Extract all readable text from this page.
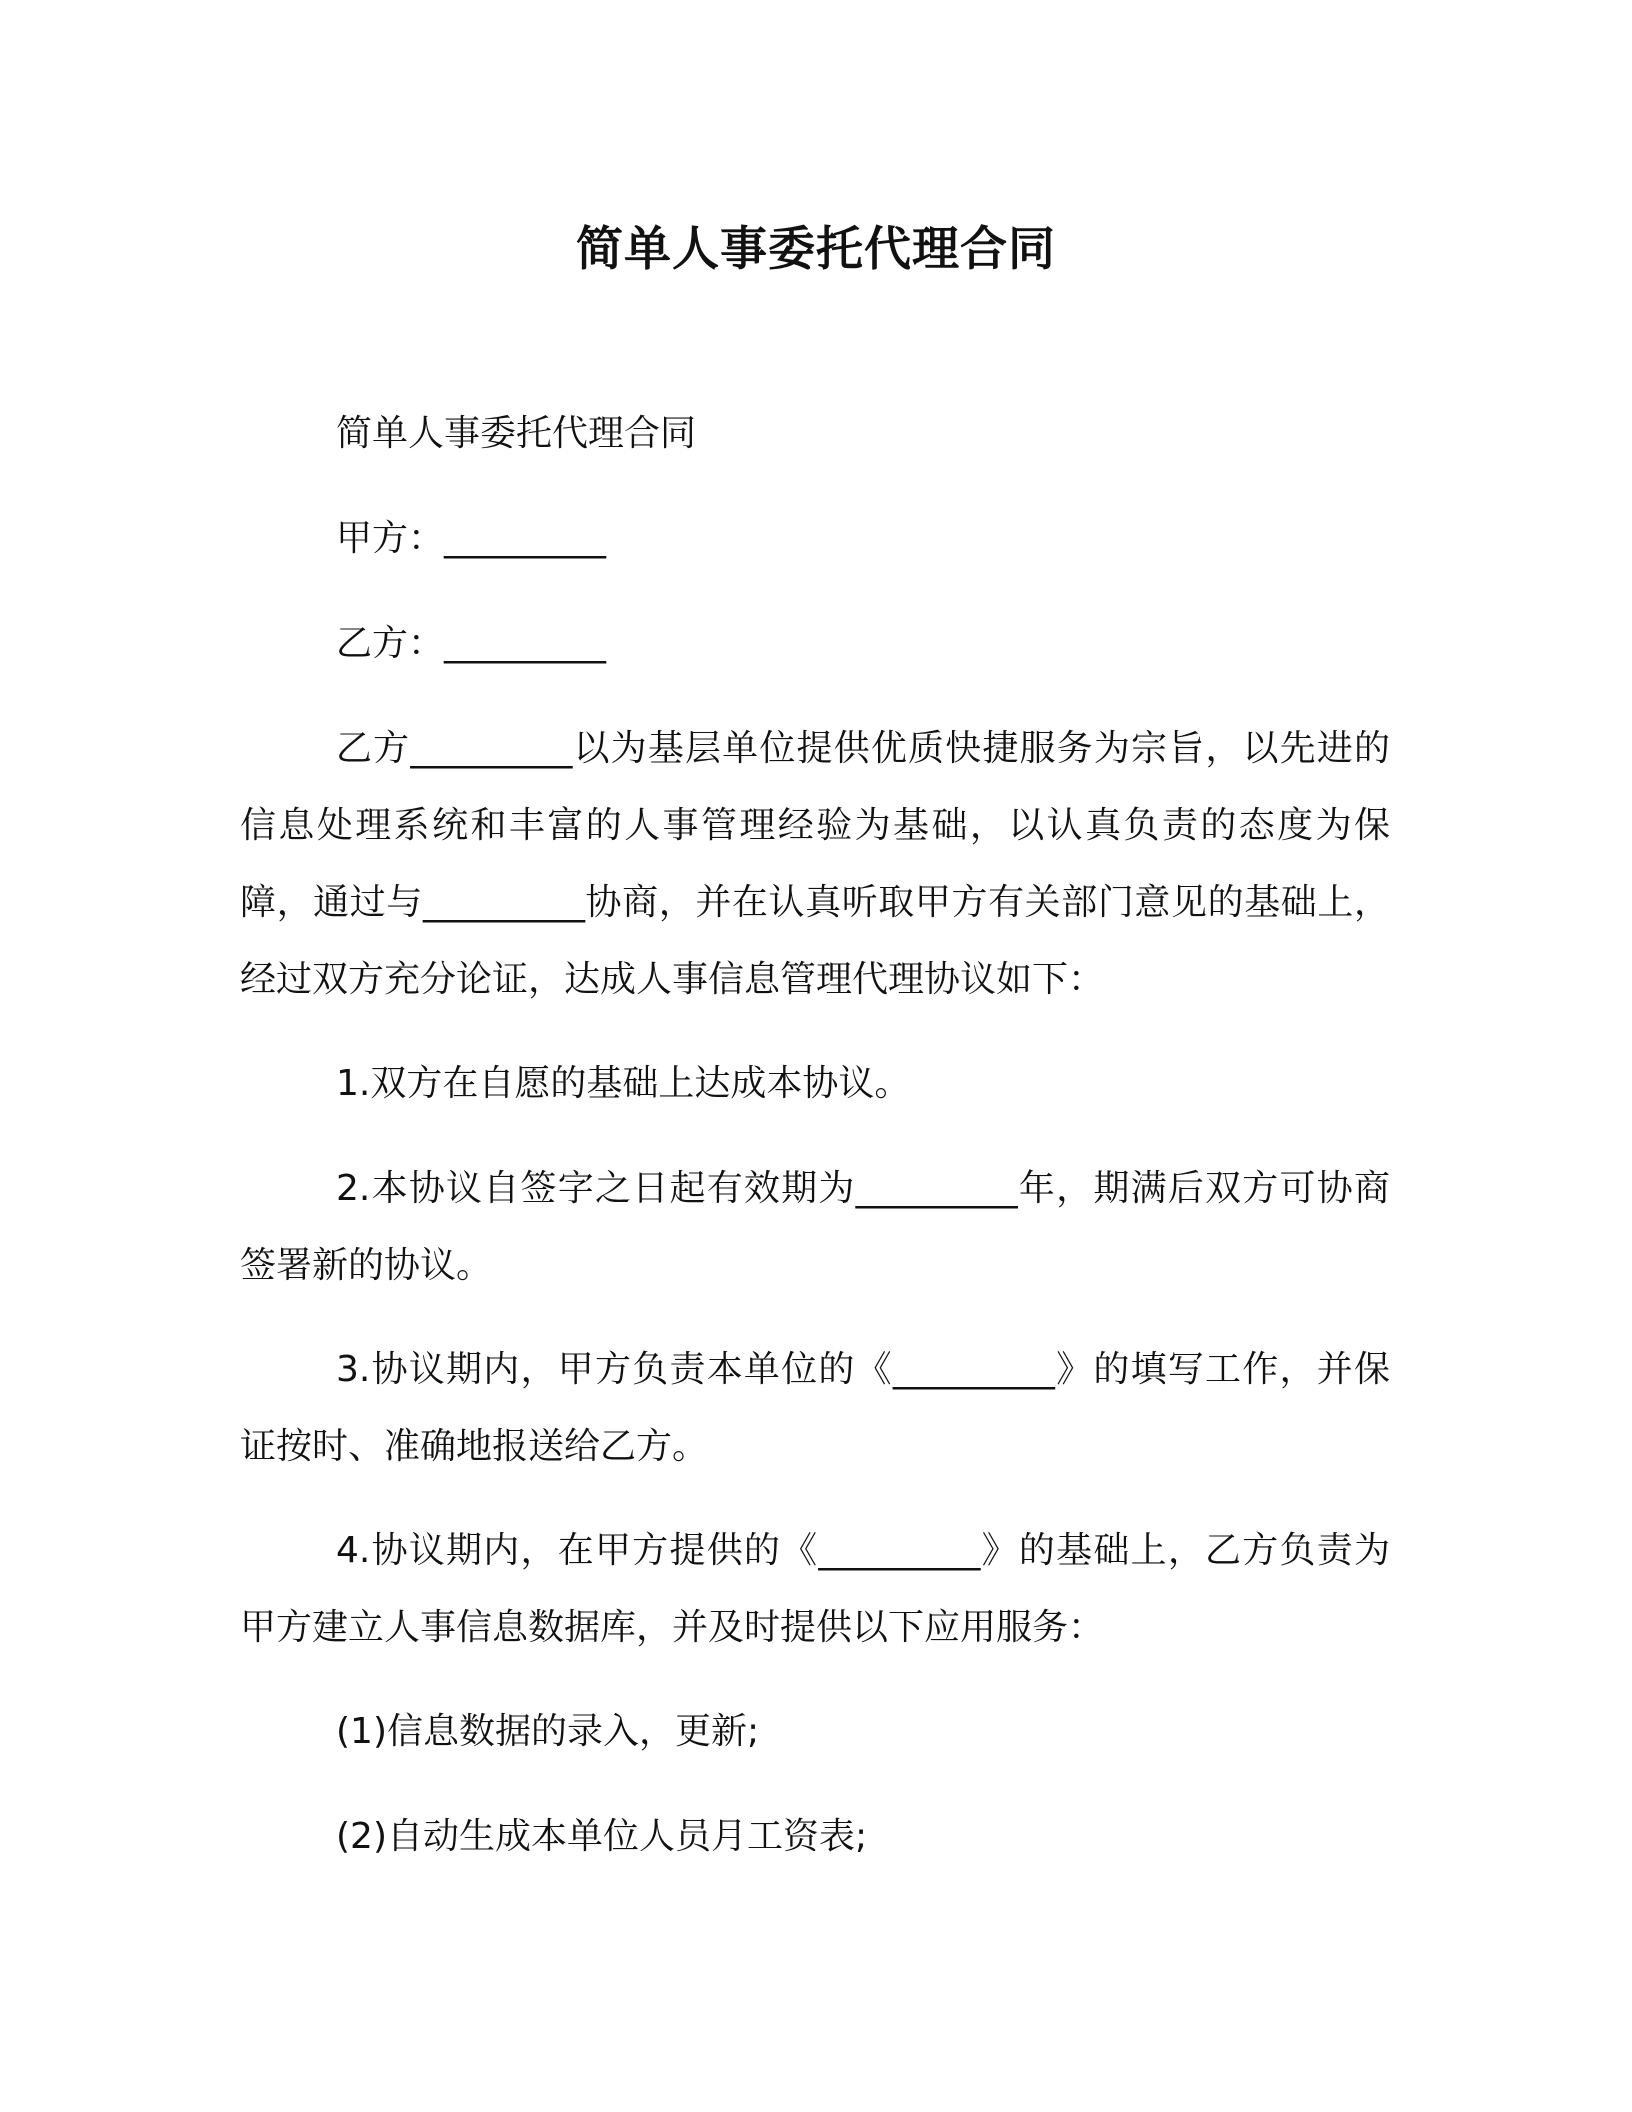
简单人事委托代理合同

简单人事委托代理合同

甲方：_________

乙方：_________

乙方_________以为基层单位提供优质快捷服务为宗旨，以先进的信息处理系统和丰富的人事管理经验为基础，以认真负责的态度为保障，通过与_________协商，并在认真听取甲方有关部门意见的基础上，经过双方充分论证，达成人事信息管理代理协议如下：

1.双方在自愿的基础上达成本协议。

2.本协议自签字之日起有效期为_________年，期满后双方可协商签署新的协议。

3.协议期内，甲方负责本单位的《_________》的填写工作，并保证按时、准确地报送给乙方。

4.协议期内，在甲方提供的《_________》的基础上，乙方负责为甲方建立人事信息数据库，并及时提供以下应用服务：

(1)信息数据的录入，更新;

(2)自动生成本单位人员月工资表;
